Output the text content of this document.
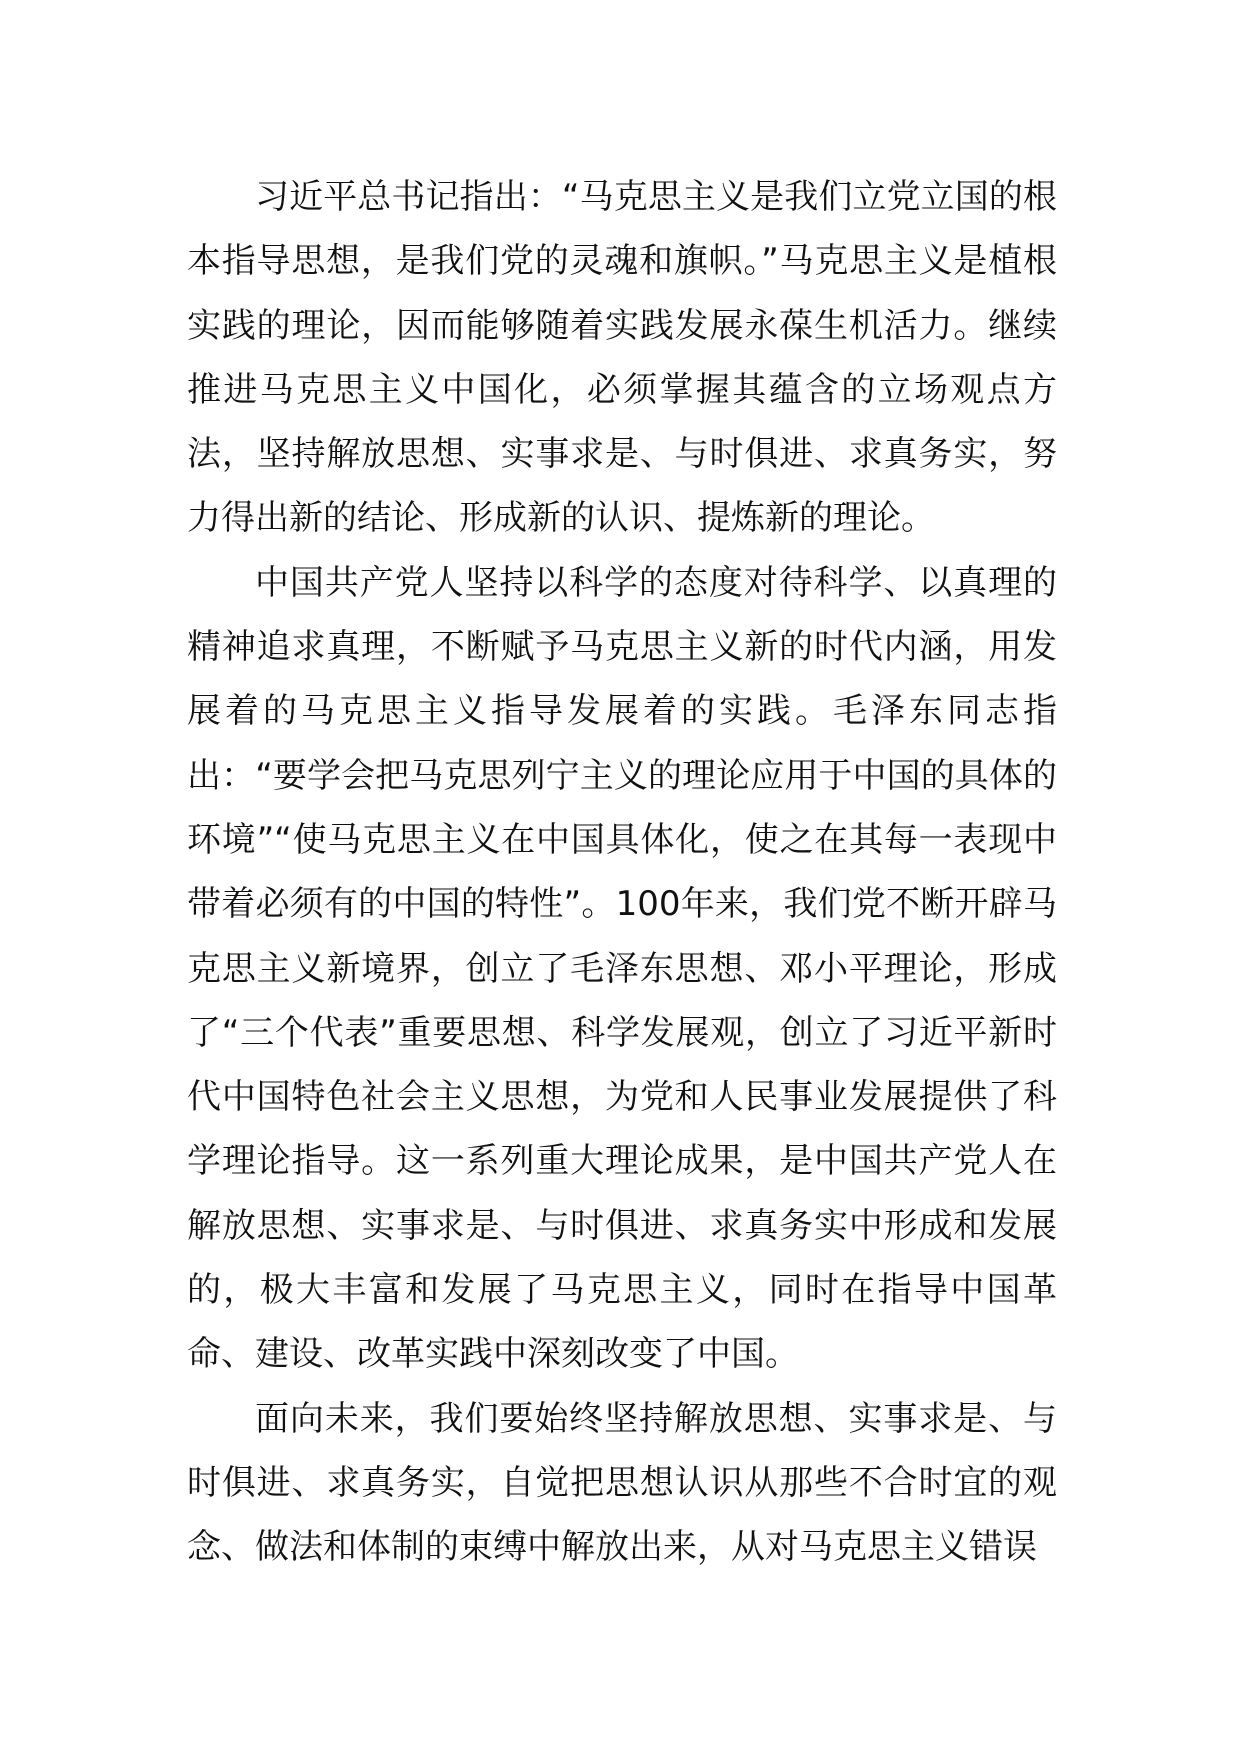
习近平总书记指出：“马克思主义是我们立党立国的根本指导思想，是我们党的灵魂和旗帜。”马克思主义是植根实践的理论，因而能够随着实践发展永葆生机活力。继续推进马克思主义中国化，必须掌握其蕴含的立场观点方法，坚持解放思想、实事求是、与时俱进、求真务实，努力得出新的结论、形成新的认识、提炼新的理论。

中国共产党人坚持以科学的态度对待科学、以真理的精神追求真理，不断赋予马克思主义新的时代内涵，用发展着的马克思主义指导发展着的实践。毛泽东同志指出：“要学会把马克思列宁主义的理论应用于中国的具体的环境”“使马克思主义在中国具体化，使之在其每一表现中带着必须有的中国的特性”。100年来，我们党不断开辟马克思主义新境界，创立了毛泽东思想、邓小平理论，形成了“三个代表”重要思想、科学发展观，创立了习近平新时代中国特色社会主义思想，为党和人民事业发展提供了科学理论指导。这一系列重大理论成果，是中国共产党人在解放思想、实事求是、与时俱进、求真务实中形成和发展的，极大丰富和发展了马克思主义，同时在指导中国革命、建设、改革实践中深刻改变了中国。

面向未来，我们要始终坚持解放思想、实事求是、与时俱进、求真务实，自觉把思想认识从那些不合时宜的观念、做法和体制的束缚中解放出来，从对马克思主义错误
